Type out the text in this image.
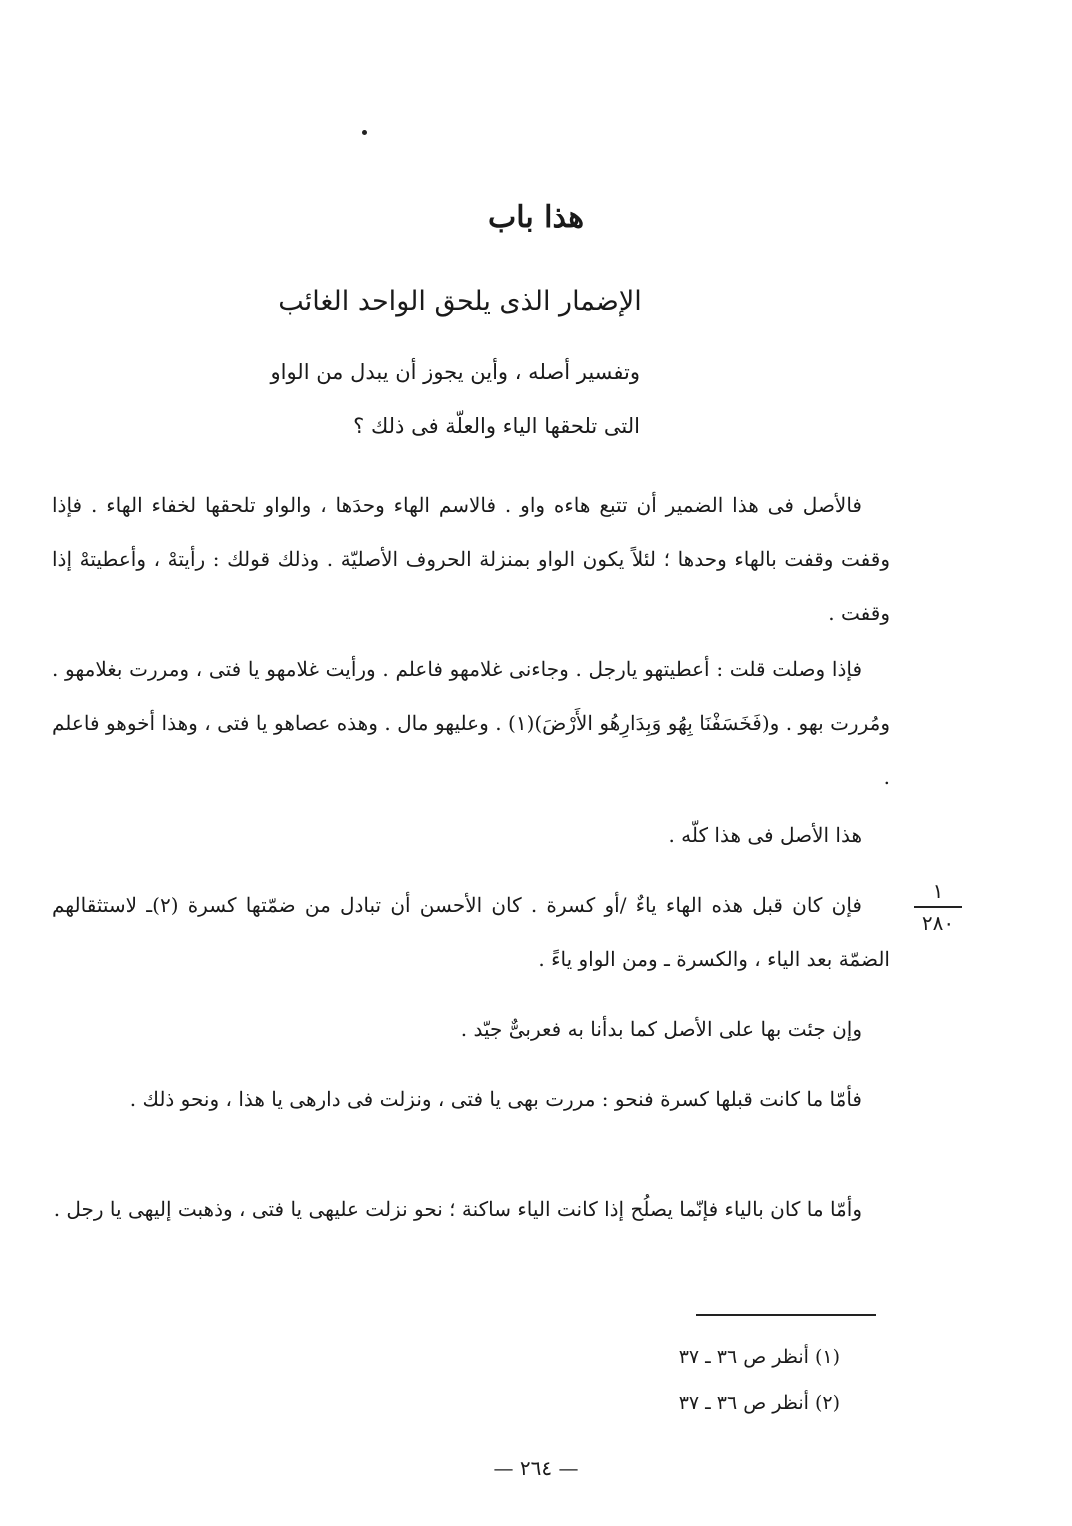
هذا باب
الإضمار الذى يلحق الواحد الغائب
وتفسير أصله ، وأين يجوز أن يبدل من الواو
التى تلحقها الياء والعلّة فى ذلك ؟
فالأصل فى هذا الضمير أن تتبع هاءه واو . فالاسم الهاء وحدَها ، والواو تلحقها لخفاء الهاء . فإذا وقفت وقفت بالهاء وحدها ؛ لئلاً يكون الواو بمنزلة الحروف الأصليّة . وذلك قولك : رأيتهْ ، وأعطيتهْ إذا وقفت .
فإذا وصلت قلت : أعطيتهو يارجل . وجاءنى غلامهو فاعلم . ورأيت غلامهو يا فتى ، ومررت بغلامهو . ومُررت بهو . و(فَخَسَفْنَا بِهُو وَبِدَارِهُو الأَرْضَ)(١) . وعليهو مال . وهذه عصاهو يا فتى ، وهذا أخوهو فاعلم .
هذا الأصل فى هذا كلّه .
فإن كان قبل هذه الهاء ياءٌ /أو كسرة . كان الأحسن أن تبادل من ضمّتها كسرة (٢)ـ لاستثقالهم الضمّة بعد الياء ، والكسرة ـ ومن الواو ياءً .
وإن جئت بها على الأصل كما بدأنا به فعربىٌّ جيّد .
فأمّا ما كانت قبلها كسرة فنحو : مررت بهى يا فتى ، ونزلت فى دارهى يا هذا ، ونحو ذلك .
وأمّا ما كان بالياء فإنّما يصلُح إذا كانت الياء ساكنة ؛ نحو نزلت عليهى يا فتى ، وذهبت إليهى يا رجل .
١
٢٨٠
(١) أنظر ص ٣٦ ـ ٣٧
(٢) أنظر ص ٣٦ ـ ٣٧
— ٢٦٤ —
